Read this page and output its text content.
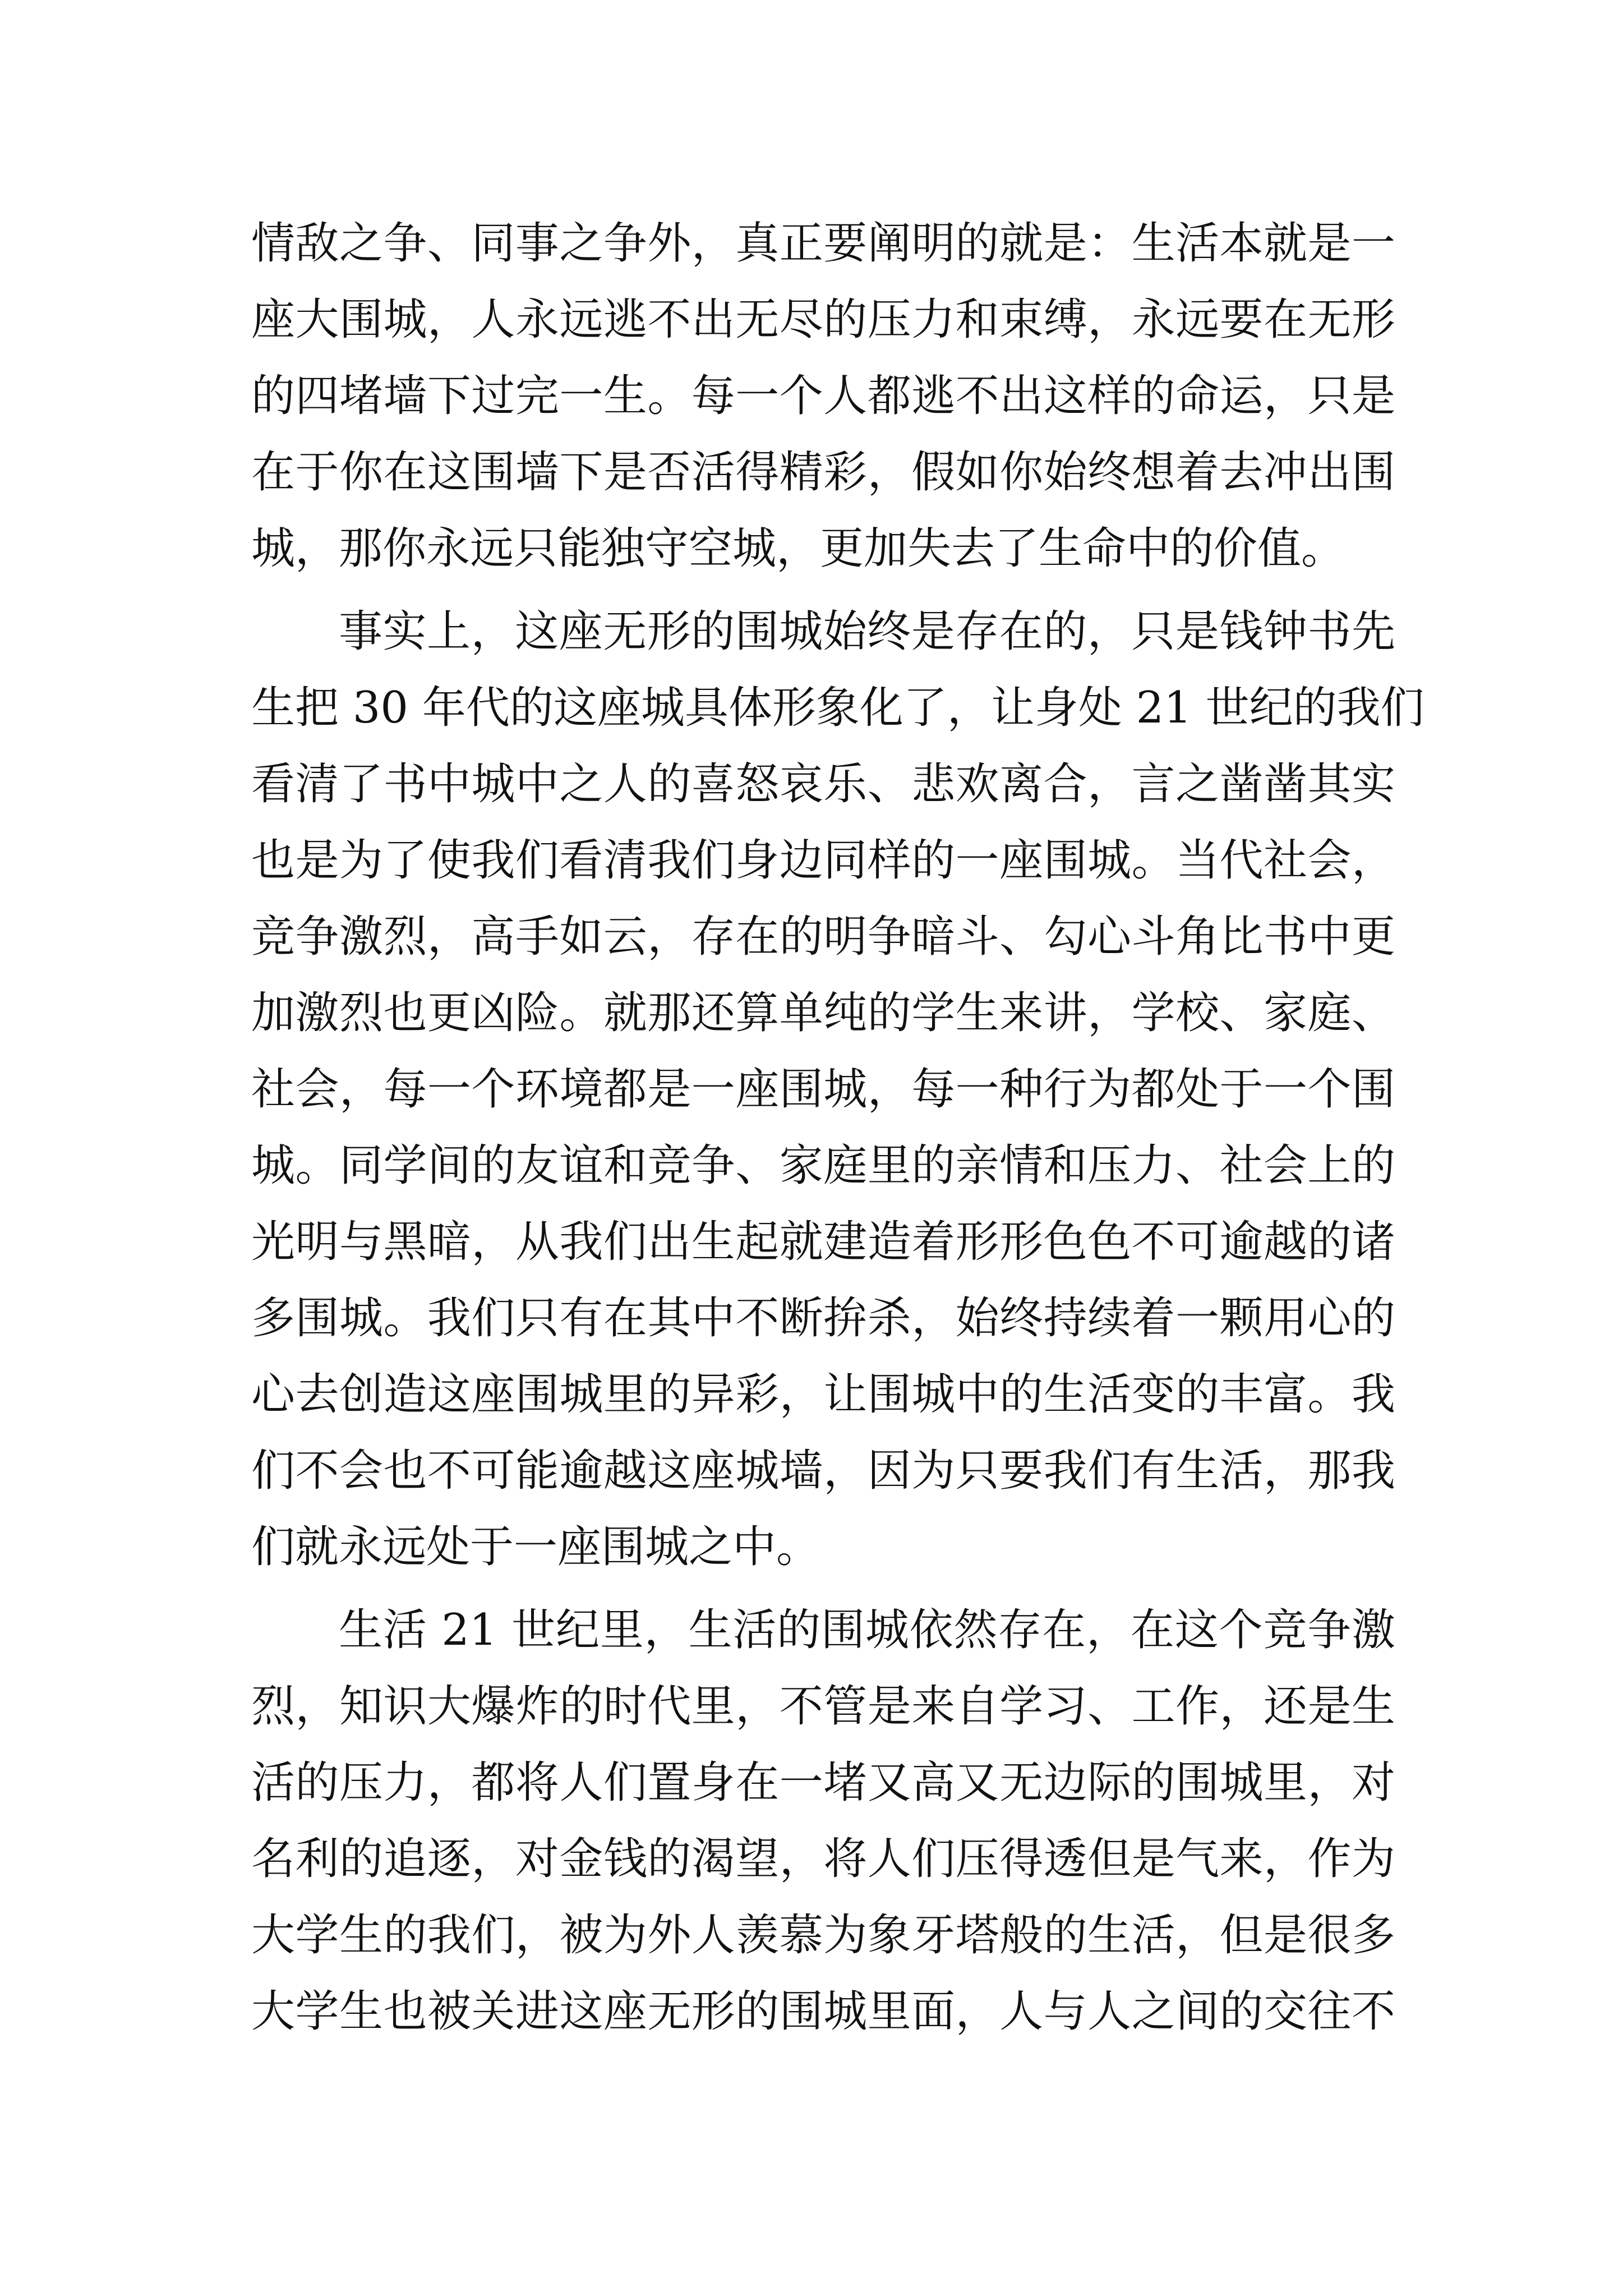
情敌之争、同事之争外，真正要阐明的就是：生活本就是一
座大围城，人永远逃不出无尽的压力和束缚，永远要在无形
的四堵墙下过完一生。每一个人都逃不出这样的命运，只是
在于你在这围墙下是否活得精彩，假如你始终想着去冲出围
城，那你永远只能独守空城，更加失去了生命中的价值。
事实上，这座无形的围城始终是存在的，只是钱钟书先
生把 30 年代的这座城具体形象化了，让身处 21 世纪的我们
看清了书中城中之人的喜怒哀乐、悲欢离合，言之凿凿其实
也是为了使我们看清我们身边同样的一座围城。当代社会，
竞争激烈，高手如云，存在的明争暗斗、勾心斗角比书中更
加激烈也更凶险。就那还算单纯的学生来讲，学校、家庭、
社会，每一个环境都是一座围城，每一种行为都处于一个围
城。同学间的友谊和竞争、家庭里的亲情和压力、社会上的
光明与黑暗，从我们出生起就建造着形形色色不可逾越的诸
多围城。我们只有在其中不断拚杀，始终持续着一颗用心的
心去创造这座围城里的异彩，让围城中的生活变的丰富。我
们不会也不可能逾越这座城墙，因为只要我们有生活，那我
们就永远处于一座围城之中。
生活 21 世纪里，生活的围城依然存在，在这个竞争激
烈，知识大爆炸的时代里，不管是来自学习、工作，还是生
活的压力，都将人们置身在一堵又高又无边际的围城里，对
名利的追逐，对金钱的渴望，将人们压得透但是气来，作为
大学生的我们，被为外人羡慕为象牙塔般的生活，但是很多
大学生也被关进这座无形的围城里面，人与人之间的交往不
